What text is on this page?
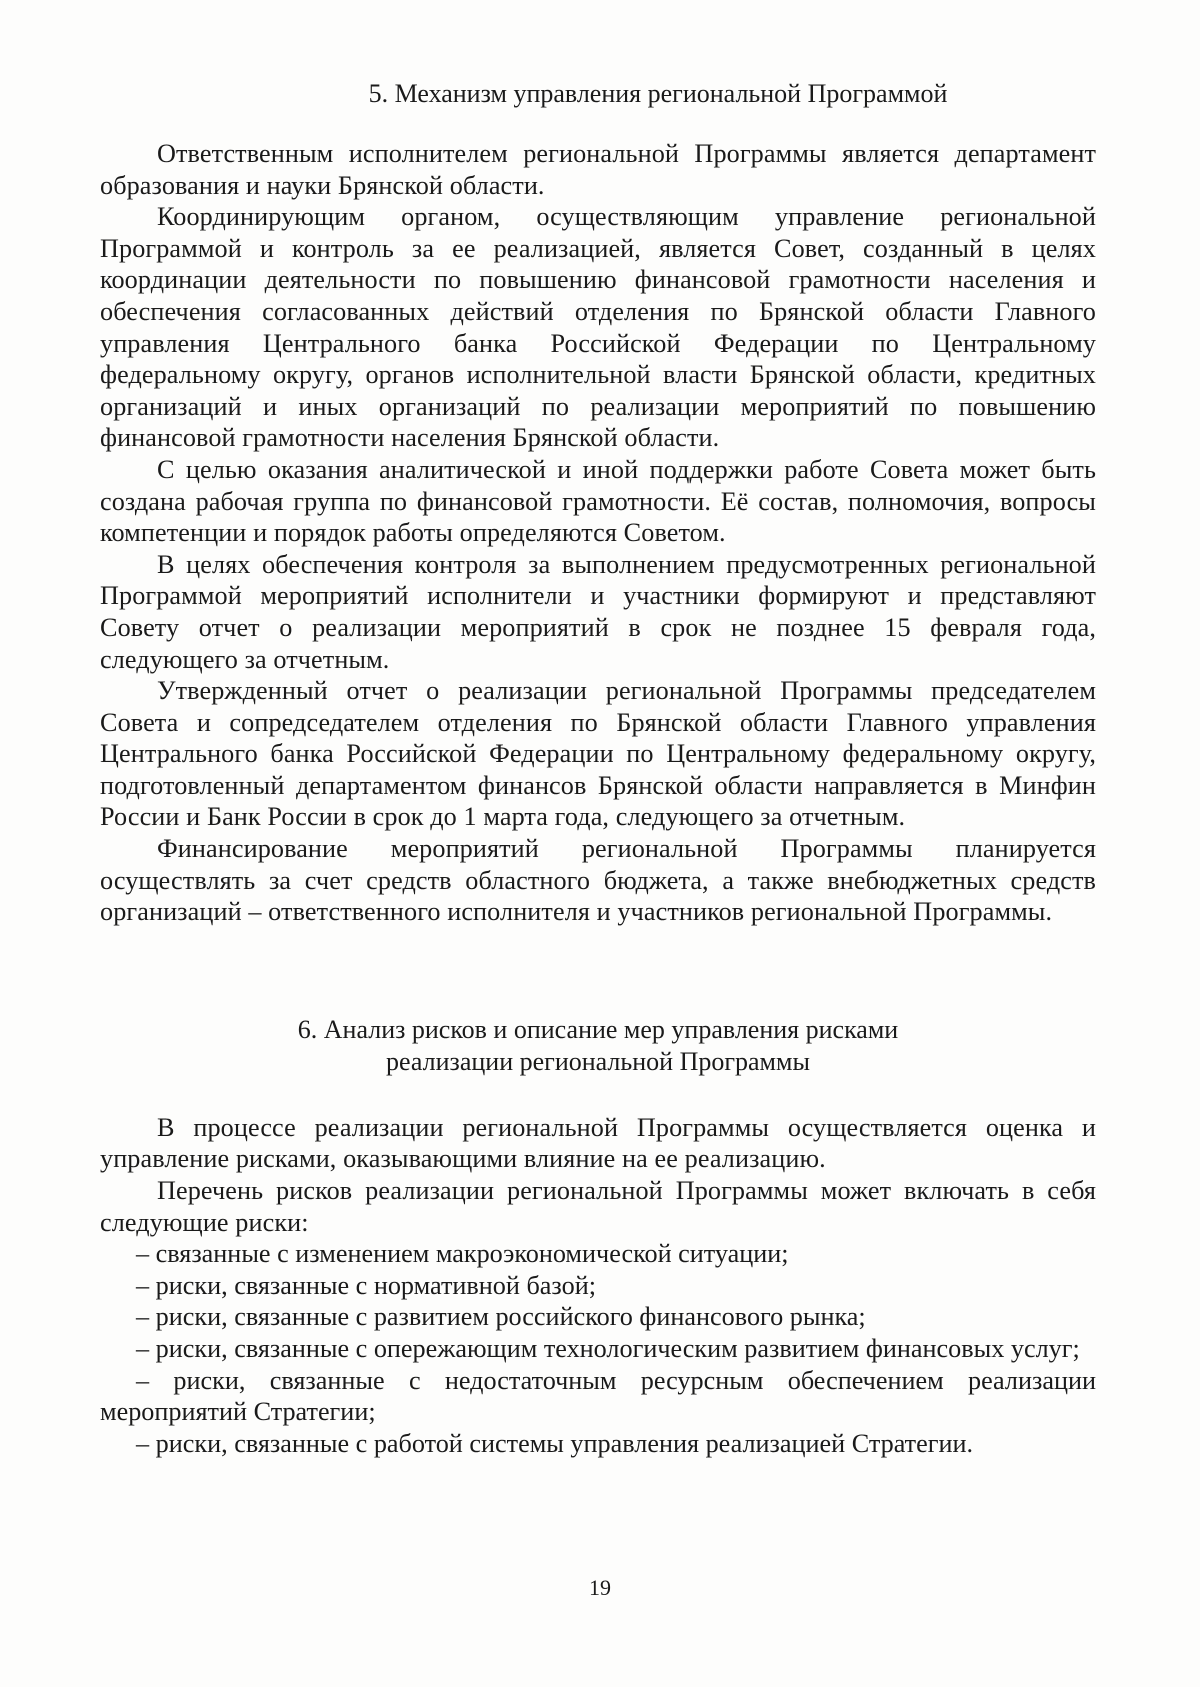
5. Механизм управления региональной Программой

Ответственным исполнителем региональной Программы является департамент образования и науки Брянской области.

Координирующим органом, осуществляющим управление региональной Программой и контроль за ее реализацией, является Совет, созданный в целях координации деятельности по повышению финансовой грамотности населения и обеспечения согласованных действий отделения по Брянской области Главного управления Центрального банка Российской Федерации по Центральному федеральному округу, органов исполнительной власти Брянской области, кредитных организаций и иных организаций по реализации мероприятий по повышению финансовой грамотности населения Брянской области.

С целью оказания аналитической и иной поддержки работе Совета может быть создана рабочая группа по финансовой грамотности. Её состав, полномочия, вопросы компетенции и порядок работы определяются Советом.

В целях обеспечения контроля за выполнением предусмотренных региональной Программой мероприятий исполнители и участники формируют и представляют Совету отчет о реализации мероприятий в срок не позднее 15 февраля года, следующего за отчетным.

Утвержденный отчет о реализации региональной Программы председателем Совета и сопредседателем отделения по Брянской области Главного управления Центрального банка Российской Федерации по Центральному федеральному округу, подготовленный департаментом финансов Брянской области направляется в Минфин России и Банк России в срок до 1 марта года, следующего за отчетным.

Финансирование мероприятий региональной Программы планируется осуществлять за счет средств областного бюджета, а также внебюджетных средств организаций – ответственного исполнителя и участников региональной Программы.

6. Анализ рисков и описание мер управления рисками
реализации региональной Программы

В процессе реализации региональной Программы осуществляется оценка и управление рисками, оказывающими влияние на ее реализацию.

Перечень рисков реализации региональной Программы может включать в себя следующие риски:

– связанные с изменением макроэкономической ситуации;

– риски, связанные с нормативной базой;

– риски, связанные с развитием российского финансового рынка;

– риски, связанные с опережающим технологическим развитием финансовых услуг;

– риски, связанные с недостаточным ресурсным обеспечением реализации мероприятий Стратегии;

– риски, связанные с работой системы управления реализацией Стратегии.

19
